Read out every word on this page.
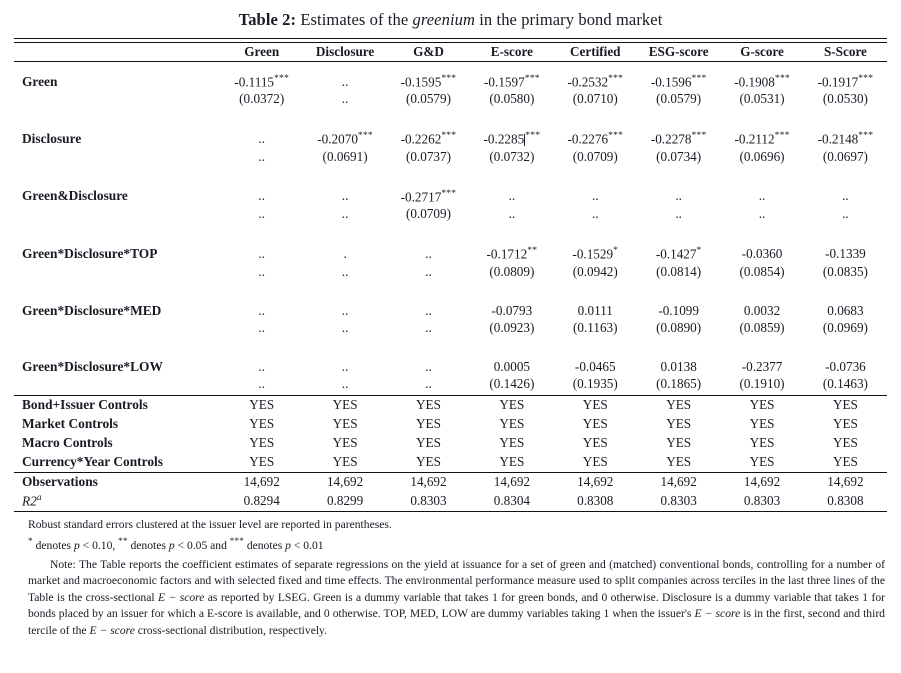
Table 2: Estimates of the greenium in the primary bond market

	Green	Disclosure	G&D	E-score	Certified	ESG-score	G-score	S-Score

Green	-0.1115***	..	-0.1595***	-0.1597***	-0.2532***	-0.1596***	-0.1908***	-0.1917***
	(0.0372)	..	(0.0579)	(0.0580)	(0.0710)	(0.0579)	(0.0531)	(0.0530)

Disclosure	..	-0.2070***	-0.2262***	-0.2285***	-0.2276***	-0.2278***	-0.2112***	-0.2148***
	..	(0.0691)	(0.0737)	(0.0732)	(0.0709)	(0.0734)	(0.0696)	(0.0697)

Green&Disclosure	..	..	-0.2717***	..	..	..	..	..
	..	..	(0.0709)	..	..	..	..	..

Green*Disclosure*TOP	..	.	..	-0.1712**	-0.1529*	-0.1427*	-0.0360	-0.1339
	..	..	..	(0.0809)	(0.0942)	(0.0814)	(0.0854)	(0.0835)

Green*Disclosure*MED	..	..	..	-0.0793	0.0111	-0.1099	0.0032	0.0683
	..	..	..	(0.0923)	(0.1163)	(0.0890)	(0.0859)	(0.0969)

Green*Disclosure*LOW	..	..	..	0.0005	-0.0465	0.0138	-0.2377	-0.0736
	..	..	..	(0.1426)	(0.1935)	(0.1865)	(0.1910)	(0.1463)

Bond+Issuer Controls	YES	YES	YES	YES	YES	YES	YES	YES
Market Controls	YES	YES	YES	YES	YES	YES	YES	YES
Macro Controls	YES	YES	YES	YES	YES	YES	YES	YES
Currency*Year Controls	YES	YES	YES	YES	YES	YES	YES	YES

Observations	14,692	14,692	14,692	14,692	14,692	14,692	14,692	14,692
R2$^a$	0.8294	0.8299	0.8303	0.8304	0.8308	0.8303	0.8303	0.8308

Robust standard errors clustered at the issuer level are reported in parentheses.
* denotes p < 0.10, ** denotes p < 0.05 and *** denotes p < 0.01
Note: The Table reports the coefficient estimates of separate regressions on the yield at issuance for a set of green and (matched) conventional bonds, controlling for a number of market and macroeconomic factors and with selected fixed and time effects. The environmental performance measure used to split companies across terciles in the last three lines of the Table is the cross-sectional E − score as reported by LSEG. Green is a dummy variable that takes 1 for green bonds, and 0 otherwise. Disclosure is a dummy variable that takes 1 for bonds placed by an issuer for which a E-score is available, and 0 otherwise. TOP, MED, LOW are dummy variables taking 1 when the issuer's E − score is in the first, second and third tercile of the E − score cross-sectional distribution, respectively.
